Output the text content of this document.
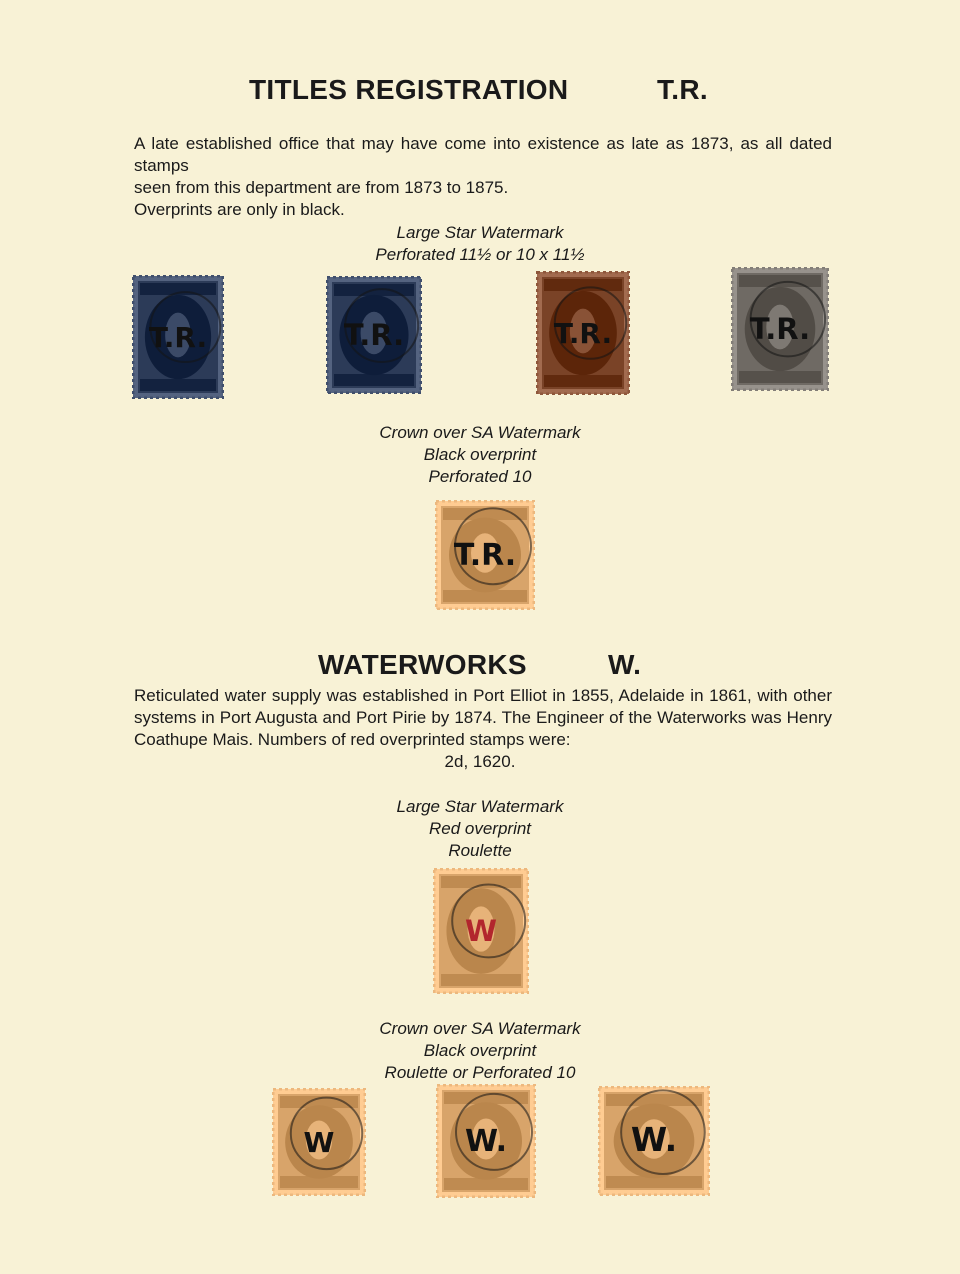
TITLES REGISTRATION	T.R.
A late established office that may have come into existence as late as 1873, as all dated stamps
seen from this department are from 1873 to 1875.
Overprints are only in black.
Large Star Watermark
Perforated 11½ or 10 x 11½
T.R.	T.R.	T.R.	T.R.
Crown over SA Watermark
Black overprint
Perforated 10
T.R.
WATERWORKS	W.
Reticulated water supply was established in Port Elliot in 1855, Adelaide in 1861, with other
systems in Port Augusta and Port Pirie by 1874. The Engineer of the Waterworks was Henry
Coathupe Mais. Numbers of red overprinted stamps were:
2d, 1620.
Large Star Watermark
Red overprint
Roulette
W
Crown over SA Watermark
Black overprint
Roulette or Perforated 10
W	W.	W.
